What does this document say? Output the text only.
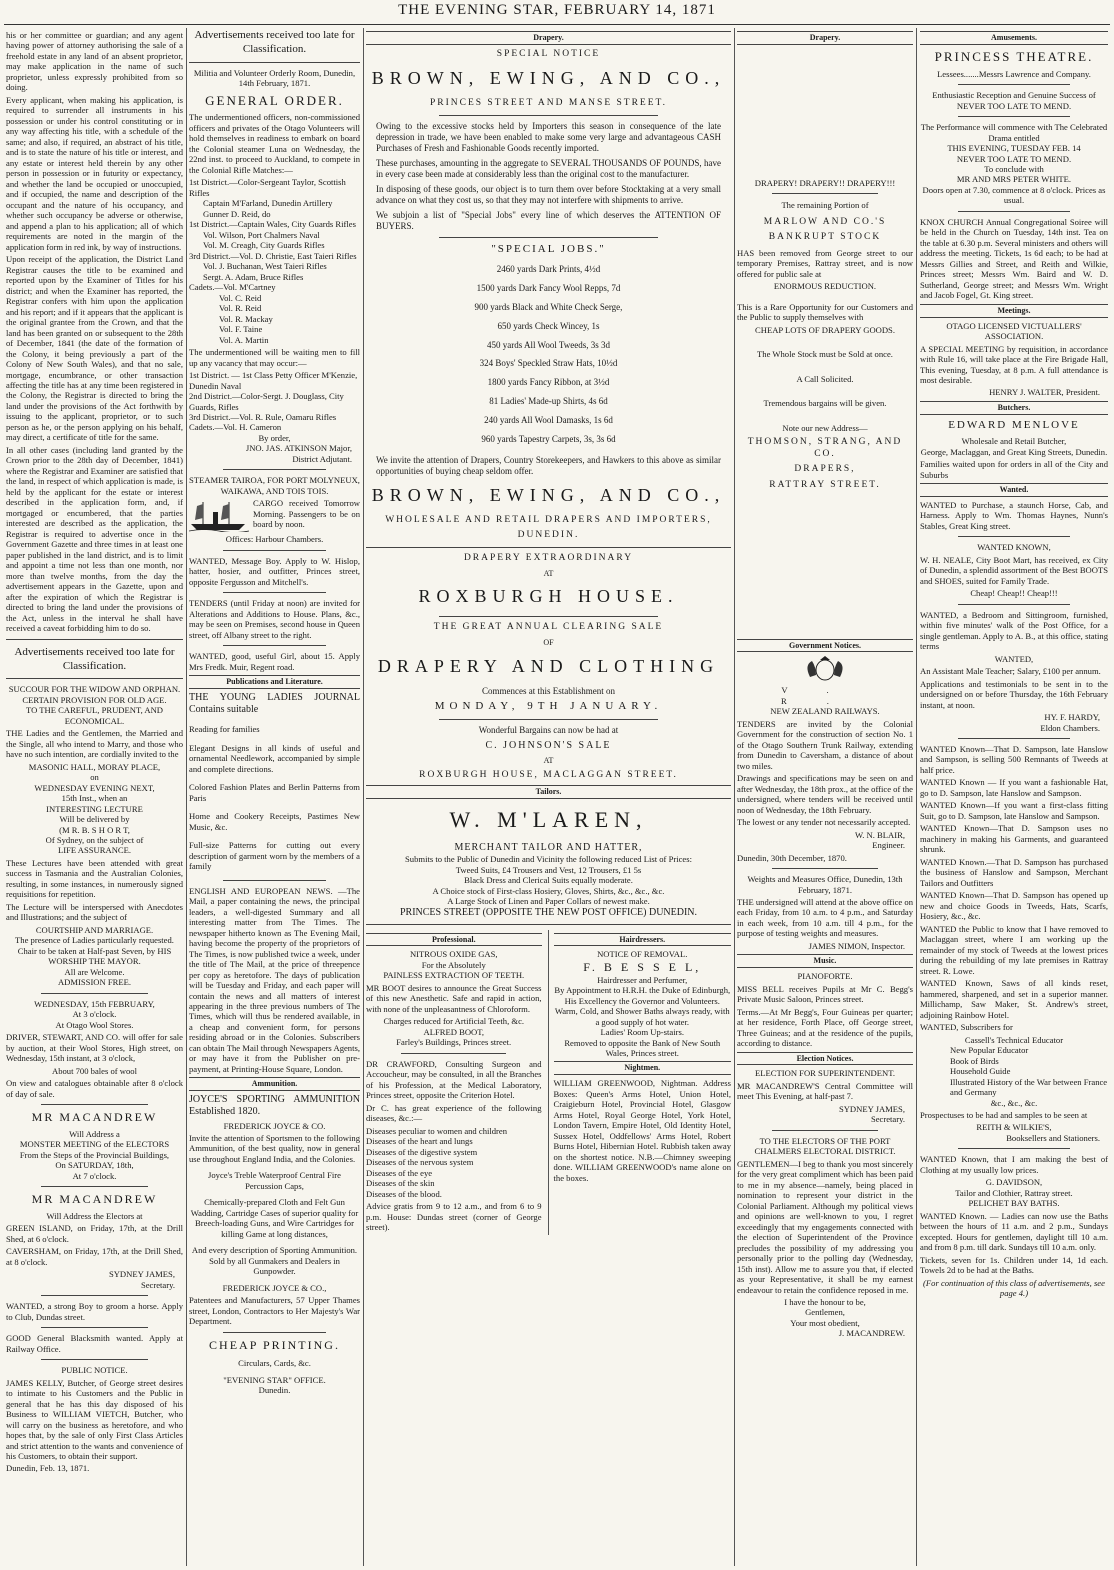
THE EVENING STAR, FEBRUARY 14, 1871
his or her committee or guardian; and any agent having power of attorney authorising the sale of a freehold estate in any land of an absent proprietor, may make application in the name of such proprietor, unless expressly prohibited from so doing.
Every applicant, when making his application, is required to surrender all instruments in his possession or under his control constituting or in any way affecting his title, with a schedule of the same; and also, if required, an abstract of his title, and is to state the nature of his title or interest, and any estate or interest held therein by any other person in possession or in futurity or expectancy, and whether the land be occupied or unoccupied, and if occupied, the name and description of the occupant and the nature of his occupancy, and whether such occupancy be adverse or otherwise, and append a plan to his application; all of which requirements are noted in the margin of the application form in red ink, by way of instructions.
Upon receipt of the application, the District Land Registrar causes the title to be examined and reported upon by the Examiner of Titles for his district; and when the Examiner has reported, the Registrar confers with him upon the application and his report; and if it appears that the applicant is the original grantee from the Crown, and that the land has been granted on or subsequent to the 28th of December, 1841 (the date of the formation of the Colony, it being previously a part of the Colony of New South Wales), and that no sale, mortgage, encumbrance, or other transaction affecting the title has at any time been registered in the Colony, the Registrar is directed to bring the land under the provisions of the Act forthwith by issuing to the applicant, proprietor, or to such person as he, or the person applying on his behalf, may direct, a certificate of title for the same.
In all other cases (including land granted by the Crown prior to the 28th day of December, 1841) where the Registrar and Examiner are satisfied that the land, in respect of which application is made, is held by the applicant for the estate or interest described in the application form, and, if mortgaged or encumbered, that the parties interested are described as the application, the Registrar is required to advertise once in the Government Gazette and three times in at least one paper published in the land district, and is to limit and appoint a time not less than one month, nor more than twelve months, from the day the advertisement appears in the Gazette, upon and after the expiration of which the Registrar is directed to bring the land under the provisions of the Act, unless in the interval he shall have received a caveat forbidding him to do so.
Advertisements received too late for Classification.
SUCCOUR FOR THE WIDOW AND ORPHAN.
CERTAIN PROVISION FOR OLD AGE.
TO THE CAREFUL, PRUDENT, AND ECONOMICAL.
THE Ladies and the Gentlemen, the Married and the Single, all who intend to Marry, and those who have no such intention, are cordially invited to the
MASONIC HALL, MORAY PLACE,
on
WEDNESDAY EVENING NEXT,
15th Inst., when an
INTERESTING LECTURE
Will be delivered by
(M R. B. S H O R T,
Of Sydney, on the subject of
LIFE ASSURANCE.
These Lectures have been attended with great success in Tasmania and the Australian Colonies, resulting, in some instances, in numerously signed requisitions for repetition.
The Lecture will be interspersed with Anecdotes and Illustrations; and the subject of
COURTSHIP AND MARRIAGE.
The presence of Ladies particularly requested.
Chair to be taken at Half-past Seven, by HIS WORSHIP THE MAYOR.
All are Welcome.
ADMISSION FREE.
WEDNESDAY, 15th FEBRUARY,
At 3 o'clock.
At Otago Wool Stores.
DRIVER, STEWART, AND CO. will offer for sale by auction, at their Wool Stores, High street, on Wednesday, 15th instant, at 3 o'clock,
About 700 bales of wool
On view and catalogues obtainable after 8 o'clock of day of sale.
MR MACANDREW
Will Address a
MONSTER MEETING of the ELECTORS
From the Steps of the Provincial Buildings,
On SATURDAY, 18th,
At 7 o'clock.
MR MACANDREW
Will Address the Electors at
GREEN ISLAND, on Friday, 17th, at the Drill Shed, at 6 o'clock.
CAVERSHAM, on Friday, 17th, at the Drill Shed, at 8 o'clock.
SYDNEY JAMES,
Secretary.
WANTED, a strong Boy to groom a horse. Apply to Club, Dundas street.
GOOD General Blacksmith wanted. Apply at Railway Office.
PUBLIC NOTICE.
JAMES KELLY, Butcher, of George street desires to intimate to his Customers and the Public in general that he has this day disposed of his Business to WILLIAM VIETCH, Butcher, who will carry on the business as heretofore, and who hopes that, by the sale of only First Class Articles and strict attention to the wants and convenience of his Customers, to obtain their support.
Dunedin, Feb. 13, 1871.
Advertisements received too late for Classification.
Militia and Volunteer Orderly Room, Dunedin, 14th February, 1871.
GENERAL ORDER.
The undermentioned officers, non-commissioned officers and privates of the Otago Volunteers will hold themselves in readiness to embark on board the Colonial steamer Luna on Wednesday, the 22nd inst. to proceed to Auckland, to compete in the Colonial Rifle Matches:—
1st District.—Color-Sergeant Taylor, Scottish Rifles
Captain M'Farland, Dunedin Artillery
Gunner D. Reid, do
1st District.—Captain Wales, City Guards Rifles
Vol. Wilson, Port Chalmers Naval
Vol. M. Creagh, City Guards Rifles
3rd District.—Vol. D. Christie, East Taieri Rifles
Vol. J. Buchanan, West Taieri Rifles
Sergt. A. Adam, Bruce Rifles
Cadets.—Vol. M'Cartney
Vol. C. Reid
Vol. R. Reid
Vol. R. Mackay
Vol. F. Taine
Vol. A. Martin
The undermentioned will be waiting men to fill up any vacancy that may occur:—
1st District. — 1st Class Petty Officer M'Kenzie, Dunedin Naval
2nd District.—Color-Sergt. J. Douglass, City Guards, Rifles
3rd District.—Vol. R. Rule, Oamaru Rifles
Cadets.—Vol. H. Cameron
By order,
JNO. JAS. ATKINSON Major,
District Adjutant.
STEAMER TAIROA, FOR PORT MOLYNEUX, WAIKAWA, AND TOIS TOIS.
CARGO received Tomorrow Morning. Passengers to be on board by noon.
Offices: Harbour Chambers.
WANTED, Message Boy. Apply to W. Hislop, hatter, hosier, and outfitter, Princes street, opposite Fergusson and Mitchell's.
TENDERS (until Friday at noon) are invited for Alterations and Additions to House. Plans, &c., may be seen on Premises, second house in Queen street, off Albany street to the right.
WANTED, good, useful Girl, about 15. Apply Mrs Fredk. Muir, Regent road.
Publications and Literature.
THE YOUNG LADIES JOURNAL Contains suitable
Reading for families
Elegant Designs in all kinds of useful and ornamental Needlework, accompanied by simple and complete directions.
Colored Fashion Plates and Berlin Patterns from Paris
Home and Cookery Receipts, Pastimes New Music, &c.
Full-size Patterns for cutting out every description of garment worn by the members of a family
ENGLISH AND EUROPEAN NEWS. —The Mail, a paper containing the news, the principal leaders, a well-digested Summary and all interesting matter from The Times. The newspaper hitherto known as The Evening Mail, having become the property of the proprietors of The Times, is now published twice a week, under the title of The Mail, at the price of threepence per copy as heretofore. The days of publication will be Tuesday and Friday, and each paper will contain the news and all matters of interest appearing in the three previous numbers of The Times, which will thus be rendered available, in a cheap and convenient form, for persons residing abroad or in the Colonies. Subscribers can obtain The Mail through Newspapers Agents, or may have it from the Publisher on pre-payment, at Printing-House Square, London.
Ammunition.
JOYCE'S SPORTING AMMUNITION Established 1820.
FREDERICK JOYCE & CO.
Invite the attention of Sportsmen to the following Ammunition, of the best quality, now in general use throughout England India, and the Colonies.
Joyce's Treble Waterproof Central Fire Percussion Caps,
Chemically-prepared Cloth and Felt Gun Wadding, Cartridge Cases of superior quality for Breech-loading Guns, and Wire Cartridges for killing Game at long distances,
And every description of Sporting Ammunition. Sold by all Gunmakers and Dealers in Gunpowder.
FREDERICK JOYCE & CO.,
Patentees and Manufacturers, 57 Upper Thames street, London, Contractors to Her Majesty's War Department.
CHEAP PRINTING.
Circulars, Cards, &c.
"EVENING STAR" OFFICE.
Dunedin.
Drapery.
SPECIAL NOTICE
BROWN, EWING, AND CO.,
PRINCES STREET AND MANSE STREET.
Owing to the excessive stocks held by Importers this season in consequence of the late depression in trade, we have been enabled to make some very large and advantageous CASH Purchases of Fresh and Fashionable Goods recently imported.
These purchases, amounting in the aggregate to SEVERAL THOUSANDS OF POUNDS, have in every case been made at considerably less than the original cost to the manufacturer.
In disposing of these goods, our object is to turn them over before Stocktaking at a very small advance on what they cost us, so that they may not interfere with shipments to arrive.
We subjoin a list of "Special Jobs" every line of which deserves the ATTENTION OF BUYERS.
"SPECIAL JOBS."
2460 yards Dark Prints, 4½d
1500 yards Dark Fancy Wool Repps, 7d
900 yards Black and White Check Serge,
650 yards Check Wincey, 1s
450 yards All Wool Tweeds, 3s 3d
324 Boys' Speckled Straw Hats, 10½d
1800 yards Fancy Ribbon, at 3½d
81 Ladies' Made-up Shirts, 4s 6d
240 yards All Wool Damasks, 1s 6d
960 yards Tapestry Carpets, 3s, 3s 6d
We invite the attention of Drapers, Country Storekeepers, and Hawkers to this above as similar opportunities of buying cheap seldom offer.
BROWN, EWING, AND CO.,
WHOLESALE AND RETAIL DRAPERS AND IMPORTERS,
DUNEDIN.
DRAPERY EXTRAORDINARY
AT
ROXBURGH HOUSE.
THE GREAT ANNUAL CLEARING SALE
OF
DRAPERY AND CLOTHING
Commences at this Establishment on
MONDAY, 9TH JANUARY.
Wonderful Bargains can now be had at
C. JOHNSON'S SALE
AT
ROXBURGH HOUSE, MACLAGGAN STREET.
Tailors.
W. M'LAREN,
MERCHANT TAILOR AND HATTER,
Submits to the Public of Dunedin and Vicinity the following reduced List of Prices:
Tweed Suits, £4 Trousers and Vest, 12 Trousers, £1 5s
Black Dress and Clerical Suits equally moderate.
A Choice stock of First-class Hosiery, Gloves, Shirts, &c., &c., &c.
A Large Stock of Linen and Paper Collars of newest make.
PRINCES STREET (OPPOSITE THE NEW POST OFFICE) DUNEDIN.
Professional.
NITROUS OXIDE GAS,
For the Absolutely
PAINLESS EXTRACTION OF TEETH.
MR BOOT desires to announce the Great Success of this new Anesthetic. Safe and rapid in action, with none of the unpleasantness of Chloroform.
Charges reduced for Artificial Teeth, &c.
ALFRED BOOT,
Farley's Buildings, Princes street.
DR CRAWFORD, Consulting Surgeon and Accoucheur, may be consulted, in all the Branches of his Profession, at the Medical Laboratory, Princes street, opposite the Criterion Hotel.
Dr C. has great experience of the following diseases, &c.:—
Diseases peculiar to women and children
Diseases of the heart and lungs
Diseases of the digestive system
Diseases of the nervous system
Diseases of the eye
Diseases of the skin
Diseases of the blood.
Advice gratis from 9 to 12 a.m., and from 6 to 9 p.m. House: Dundas street (corner of George street).
Hairdressers.
NOTICE OF REMOVAL.
F. B E S S E L,
Hairdresser and Perfumer,
By Appointment to H.R.H. the Duke of Edinburgh, His Excellency the Governor and Volunteers.
Warm, Cold, and Shower Baths always ready, with a good supply of hot water.
Ladies' Room Up-stairs.
Removed to opposite the Bank of New South Wales, Princes street.
Nightmen.
WILLIAM GREENWOOD, Nightman. Address Boxes: Queen's Arms Hotel, Union Hotel, Craigieburn Hotel, Provincial Hotel, Glasgow Arms Hotel, Royal George Hotel, York Hotel, London Tavern, Empire Hotel, Old Identity Hotel, Sussex Hotel, Oddfellows' Arms Hotel, Robert Burns Hotel, Hibernian Hotel. Rubbish taken away on the shortest notice. N.B.—Chimney sweeping done. WILLIAM GREENWOOD's name alone on the boxes.
Drapery.
DRAPERY! DRAPERY!! DRAPERY!!!
The remaining Portion of
MARLOW AND CO.'S
BANKRUPT STOCK
HAS been removed from George street to our temporary Premises, Rattray street, and is now offered for public sale at
ENORMOUS REDUCTION.
This is a Rare Opportunity for our Customers and the Public to supply themselves with
CHEAP LOTS OF DRAPERY GOODS.
The Whole Stock must be Sold at once.
A Call Solicited.
Tremendous bargains will be given.
Note our new Address—
THOMSON, STRANG, AND CO.
DRAPERS,
RATTRAY STREET.
Government Notices.
V. R.
NEW ZEALAND RAILWAYS.
TENDERS are invited by the Colonial Government for the construction of section No. 1 of the Otago Southern Trunk Railway, extending from Dunedin to Caversham, a distance of about two miles.
Drawings and specifications may be seen on and after Wednesday, the 18th prox., at the office of the undersigned, where tenders will be received until noon of Wednesday, the 18th February.
The lowest or any tender not necessarily accepted.
W. N. BLAIR,
Engineer.
Dunedin, 30th December, 1870.
Weights and Measures Office, Dunedin, 13th February, 1871.
THE undersigned will attend at the above office on each Friday, from 10 a.m. to 4 p.m., and Saturday in each week, from 10 a.m. till 4 p.m., for the purpose of testing weights and measures.
JAMES NIMON, Inspector.
Music.
PIANOFORTE.
MISS BELL receives Pupils at Mr C. Begg's Private Music Saloon, Princes street.
Terms.—At Mr Begg's, Four Guineas per quarter; at her residence, Forth Place, off George street, Three Guineas; and at the residence of the pupils, according to distance.
Election Notices.
ELECTION FOR SUPERINTENDENT.
MR MACANDREW'S Central Committee will meet This Evening, at half-past 7.
SYDNEY JAMES,
Secretary.
TO THE ELECTORS OF THE PORT CHALMERS ELECTORAL DISTRICT.
GENTLEMEN—I beg to thank you most sincerely for the very great compliment which has been paid to me in my absence—namely, being placed in nomination to represent your district in the Colonial Parliament. Although my political views and opinions are well-known to you, I regret exceedingly that my engagements connected with the election of Superintendent of the Province precludes the possibility of my addressing you personally prior to the polling day (Wednesday, 15th inst). Allow me to assure you that, if elected as your Representative, it shall be my earnest endeavour to retain the confidence reposed in me.
I have the honour to be,
Gentlemen,
Your most obedient,
J. MACANDREW.
Amusements.
PRINCESS THEATRE.
Lessees.......Messrs Lawrence and Company.
Enthusiastic Reception and Genuine Success of
NEVER TOO LATE TO MEND.
The Performance will commence with The Celebrated Drama entitled
THIS EVENING, TUESDAY FEB. 14
NEVER TOO LATE TO MEND.
To conclude with
MR AND MRS PETER WHITE.
Doors open at 7.30, commence at 8 o'clock. Prices as usual.
KNOX CHURCH Annual Congregational Soiree will be held in the Church on Tuesday, 14th inst. Tea on the table at 6.30 p.m. Several ministers and others will address the meeting. Tickets, 1s 6d each; to be had at Messrs Gillies and Street, and Reith and Wilkie, Princes street; Messrs Wm. Baird and W. D. Sutherland, George street; and Messrs Wm. Wright and Jacob Fogel, Gt. King street.
Meetings.
OTAGO LICENSED VICTUALLERS' ASSOCIATION.
A SPECIAL MEETING by requisition, in accordance with Rule 16, will take place at the Fire Brigade Hall, This evening, Tuesday, at 8 p.m. A full attendance is most desirable.
HENRY J. WALTER, President.
Butchers.
EDWARD MENLOVE
Wholesale and Retail Butcher,
George, Maclaggan, and Great King Streets, Dunedin.
Families waited upon for orders in all of the City and Suburbs
Wanted.
WANTED to Purchase, a staunch Horse, Cab, and Harness. Apply to Wm. Thomas Haynes, Nunn's Stables, Great King street.
WANTED KNOWN,
W. H. NEALE, City Boot Mart, has received, ex City of Dunedin, a splendid assortment of the Best BOOTS and SHOES, suited for Family Trade.
Cheap! Cheap!! Cheap!!!
WANTED, a Bedroom and Sittingroom, furnished, within five minutes' walk of the Post Office, for a single gentleman. Apply to A. B., at this office, stating terms
WANTED,
An Assistant Male Teacher; Salary, £100 per annum.
Applications and testimonials to be sent in to the undersigned on or before Thursday, the 16th February instant, at noon.
HY. F. HARDY,
Eldon Chambers.
WANTED Known—That D. Sampson, late Hanslow and Sampson, is selling 500 Remnants of Tweeds at half price.
WANTED Known — If you want a fashionable Hat, go to D. Sampson, late Hanslow and Sampson.
WANTED Known—If you want a first-class fitting Suit, go to D. Sampson, late Hanslow and Sampson.
WANTED Known—That D. Sampson uses no machinery in making his Garments, and guaranteed shrunk.
WANTED Known.—That D. Sampson has purchased the business of Hanslow and Sampson, Merchant Tailors and Outfitters
WANTED Known—That D. Sampson has opened up new and choice Goods in Tweeds, Hats, Scarfs, Hosiery, &c., &c.
WANTED the Public to know that I have removed to Maclaggan street, where I am working up the remainder of my stock of Tweeds at the lowest prices during the rebuilding of my late premises in Rattray street. R. Lowe.
WANTED Known, Saws of all kinds reset, hammered, sharpened, and set in a superior manner. Millichamp, Saw Maker, St. Andrew's street, adjoining Rainbow Hotel.
WANTED, Subscribers for
Cassell's Technical Educator
New Popular Educator
Book of Birds
Household Guide
Illustrated History of the War between France and Germany
&c., &c., &c.
Prospectuses to be had and samples to be seen at
REITH & WILKIE'S,
Booksellers and Stationers.
WANTED Known, that I am making the best of Clothing at my usually low prices.
G. DAVIDSON,
Tailor and Clothier, Rattray street.
PELICHET BAY BATHS.
WANTED Known. — Ladies can now use the Baths between the hours of 11 a.m. and 2 p.m., Sundays excepted. Hours for gentlemen, daylight till 10 a.m. and from 8 p.m. till dark. Sundays till 10 a.m. only.
Tickets, seven for 1s. Children under 14, 1d each. Towels 2d to be had at the Baths.
(For continuation of this class of advertisements, see page 4.)
